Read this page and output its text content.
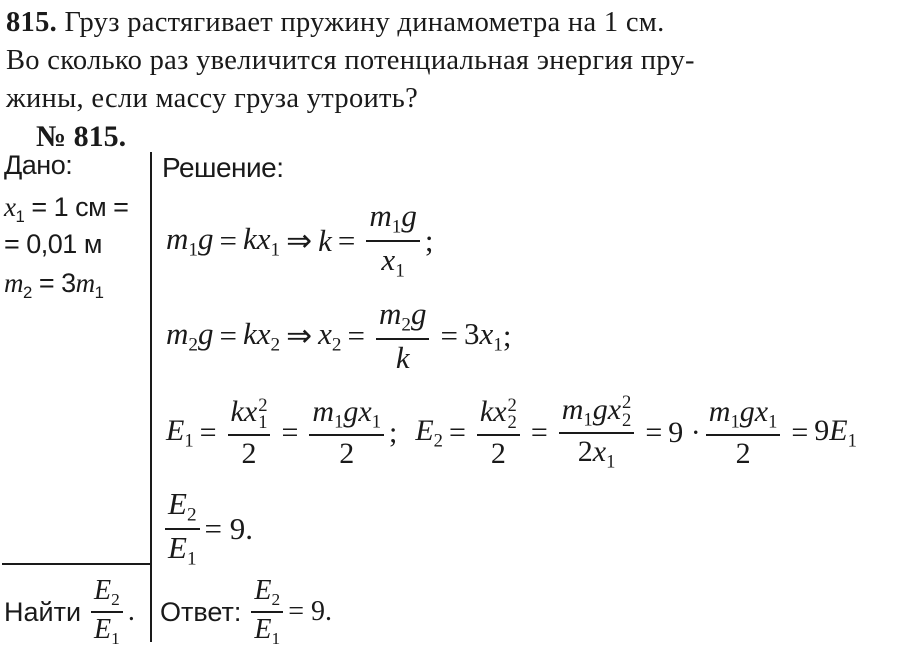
815. Груз растягивает пружину динамометра на 1 см.
Во сколько раз увеличится потенциальная энергия пру-
жины, если массу груза утроить?
№ 815.
Дано:
$x_1 = 1$ см =
= 0,01 м
$m_2 = 3m_1$
Решение:
$m_1g = kx_1$ ⇒ $k = \frac{m_1g}{x_1}$ ;
$m_2g = kx_2$ ⇒ $x_2 = \frac{m_2g}{k} = 3x_1$ ;
$E_1$ = kx 2
1
$2 = \frac{m_1gx_1}{2}$ ; $E_2$ = kx 2
2
$2 = m_1gx$ 2
2
$2x_1 = 9 \cdot \frac{m_1gx_1}{2} = 9E_1$
$\frac{E_2}{E_1} = 9$.
Найти $\frac{E_2}{E_1}$ . Ответ: $\frac{E_2}{E_1} = 9$.
